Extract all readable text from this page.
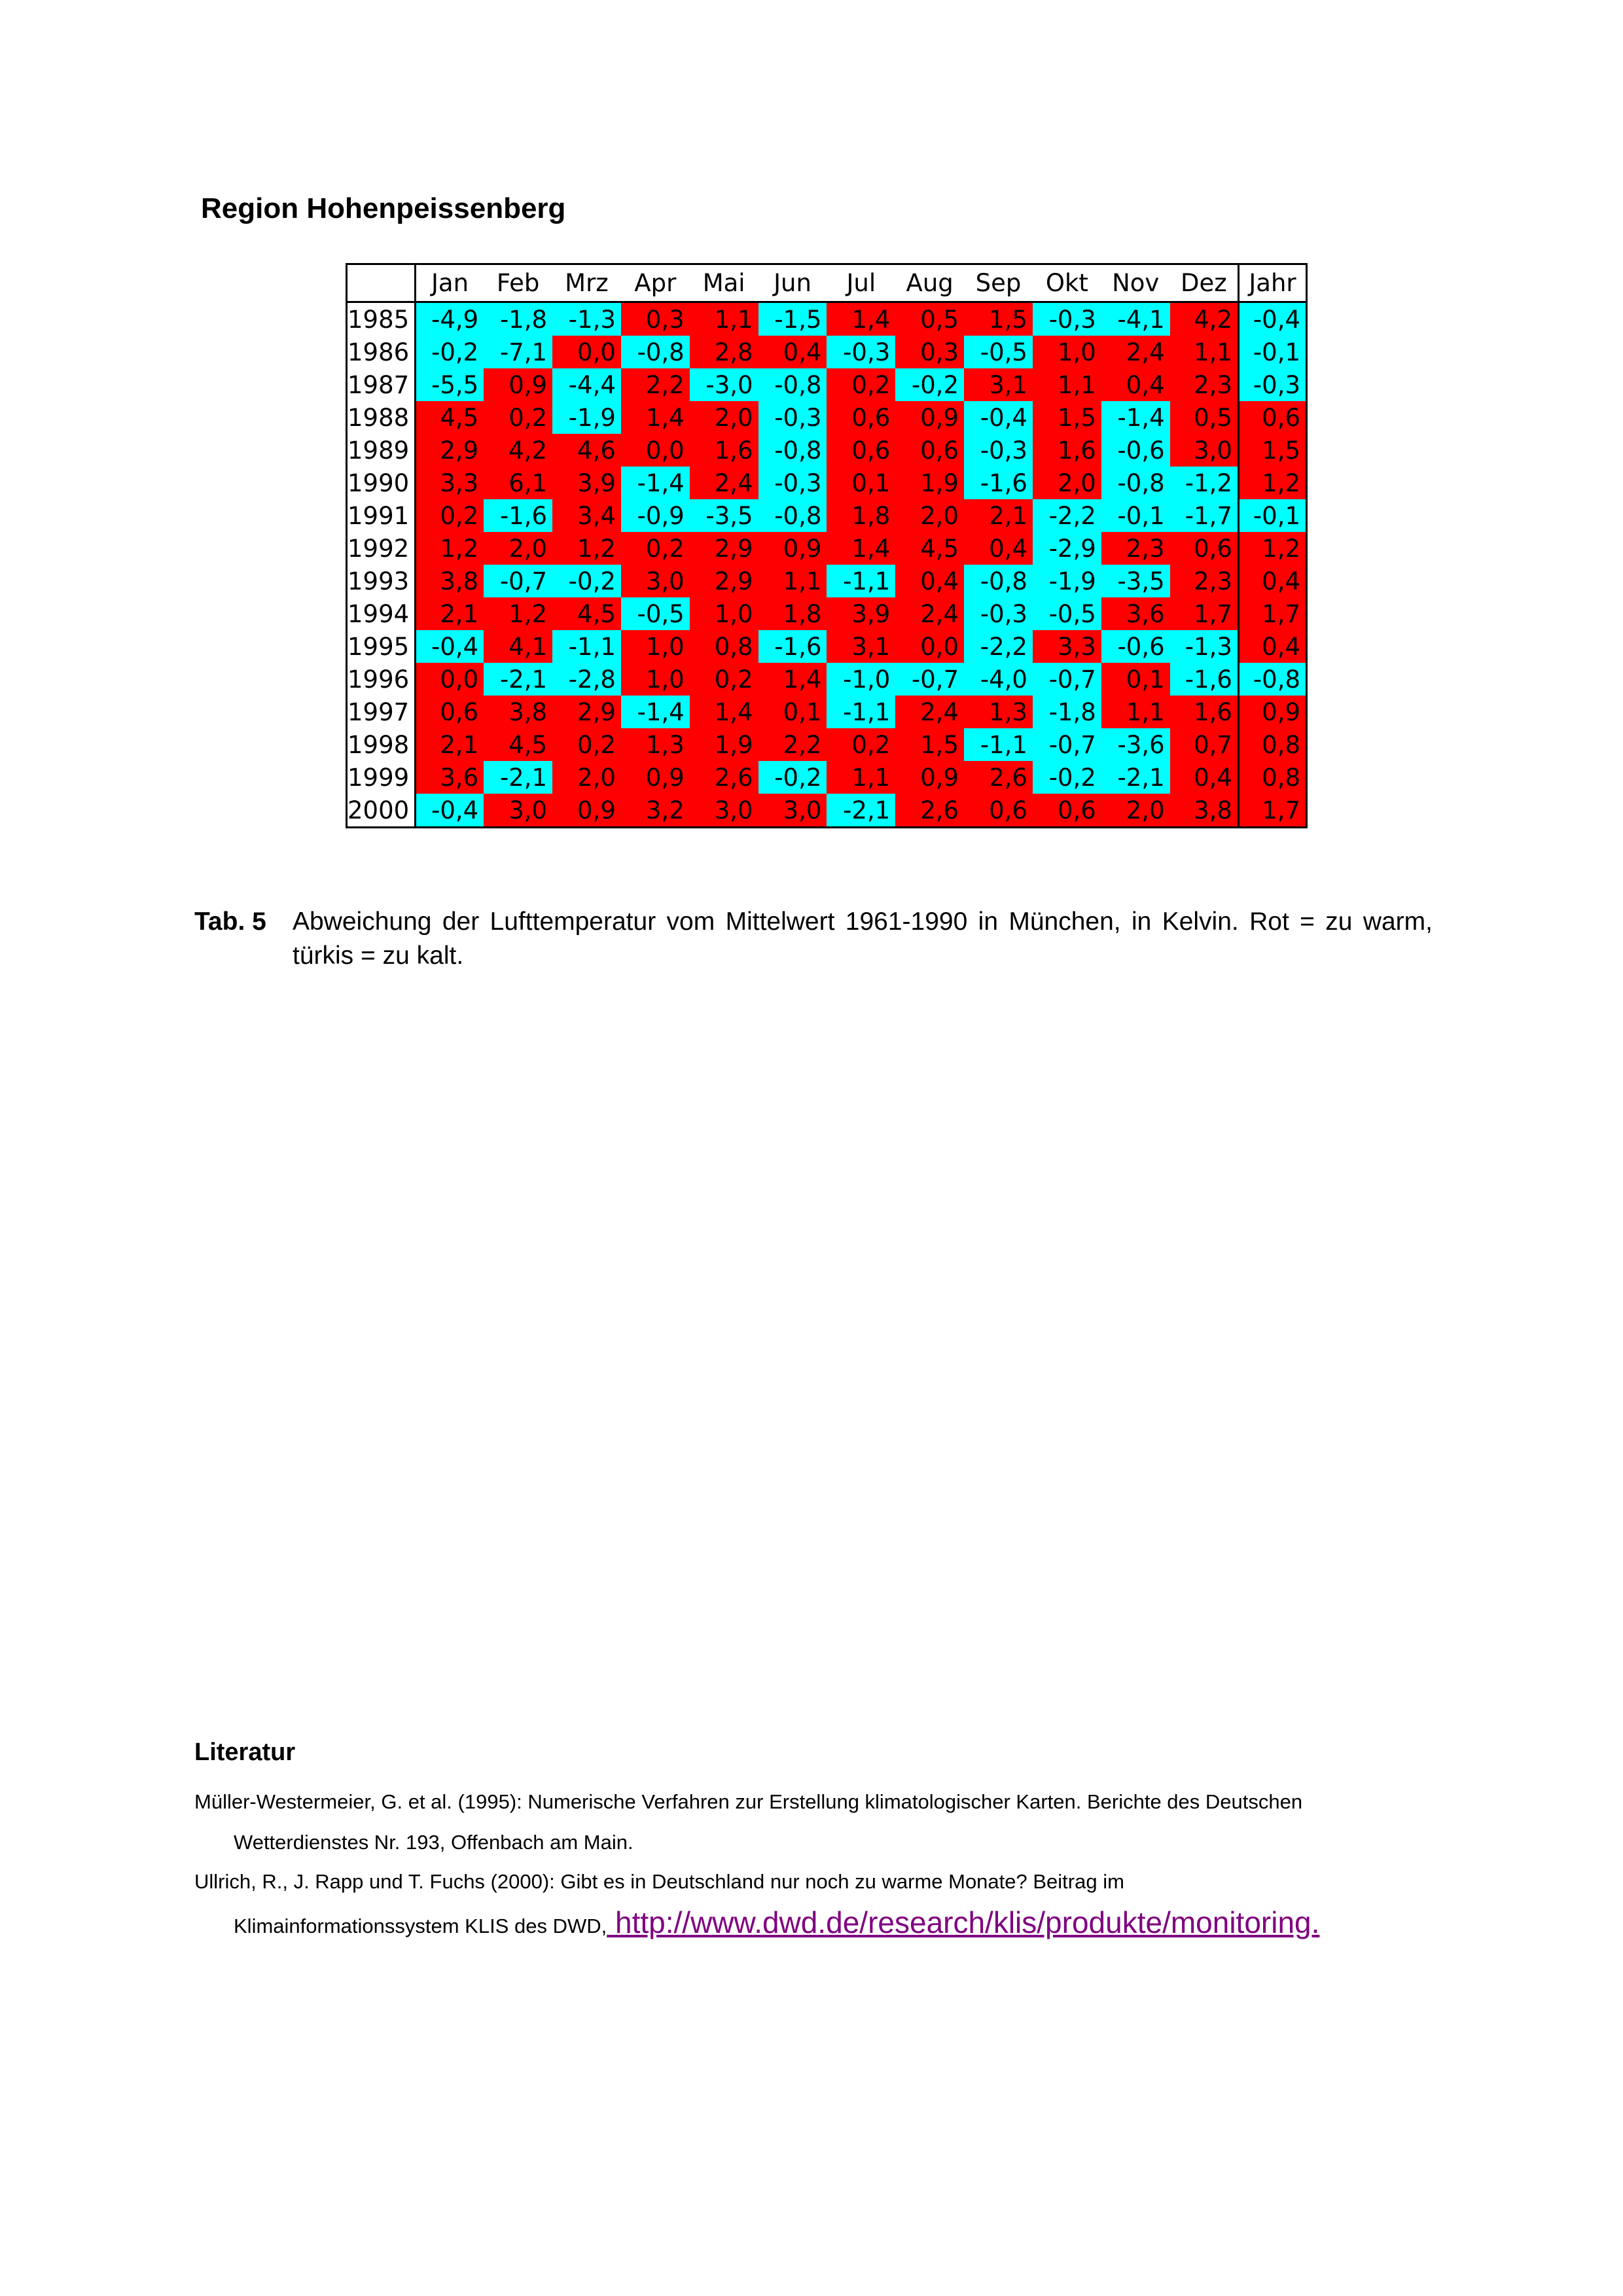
Region Hohenpeissenberg
	Jan	Feb	Mrz	Apr	Mai	Jun	Jul	Aug	Sep	Okt	Nov	Dez	Jahr
1985	-4,9	-1,8	-1,3	0,3	1,1	-1,5	1,4	0,5	1,5	-0,3	-4,1	4,2	-0,4
1986	-0,2	-7,1	0,0	-0,8	2,8	0,4	-0,3	0,3	-0,5	1,0	2,4	1,1	-0,1
1987	-5,5	0,9	-4,4	2,2	-3,0	-0,8	0,2	-0,2	3,1	1,1	0,4	2,3	-0,3
1988	4,5	0,2	-1,9	1,4	2,0	-0,3	0,6	0,9	-0,4	1,5	-1,4	0,5	0,6
1989	2,9	4,2	4,6	0,0	1,6	-0,8	0,6	0,6	-0,3	1,6	-0,6	3,0	1,5
1990	3,3	6,1	3,9	-1,4	2,4	-0,3	0,1	1,9	-1,6	2,0	-0,8	-1,2	1,2
1991	0,2	-1,6	3,4	-0,9	-3,5	-0,8	1,8	2,0	2,1	-2,2	-0,1	-1,7	-0,1
1992	1,2	2,0	1,2	0,2	2,9	0,9	1,4	4,5	0,4	-2,9	2,3	0,6	1,2
1993	3,8	-0,7	-0,2	3,0	2,9	1,1	-1,1	0,4	-0,8	-1,9	-3,5	2,3	0,4
1994	2,1	1,2	4,5	-0,5	1,0	1,8	3,9	2,4	-0,3	-0,5	3,6	1,7	1,7
1995	-0,4	4,1	-1,1	1,0	0,8	-1,6	3,1	0,0	-2,2	3,3	-0,6	-1,3	0,4
1996	0,0	-2,1	-2,8	1,0	0,2	1,4	-1,0	-0,7	-4,0	-0,7	0,1	-1,6	-0,8
1997	0,6	3,8	2,9	-1,4	1,4	0,1	-1,1	2,4	1,3	-1,8	1,1	1,6	0,9
1998	2,1	4,5	0,2	1,3	1,9	2,2	0,2	1,5	-1,1	-0,7	-3,6	0,7	0,8
1999	3,6	-2,1	2,0	0,9	2,6	-0,2	1,1	0,9	2,6	-0,2	-2,1	0,4	0,8
2000	-0,4	3,0	0,9	3,2	3,0	3,0	-2,1	2,6	0,6	0,6	2,0	3,8	1,7
Tab. 5 Abweichung der Lufttemperatur vom Mittelwert 1961-1990 in München, in Kelvin. Rot = zu warm, türkis = zu kalt.
Literatur
Müller-Westermeier, G. et al. (1995): Numerische Verfahren zur Erstellung klimatologischer Karten. Berichte des Deutschen
Wetterdienstes Nr. 193, Offenbach am Main.
Ullrich, R., J. Rapp und T. Fuchs (2000): Gibt es in Deutschland nur noch zu warme Monate? Beitrag im
Klimainformationssystem KLIS des DWD, http://www.dwd.de/research/klis/produkte/monitoring.
